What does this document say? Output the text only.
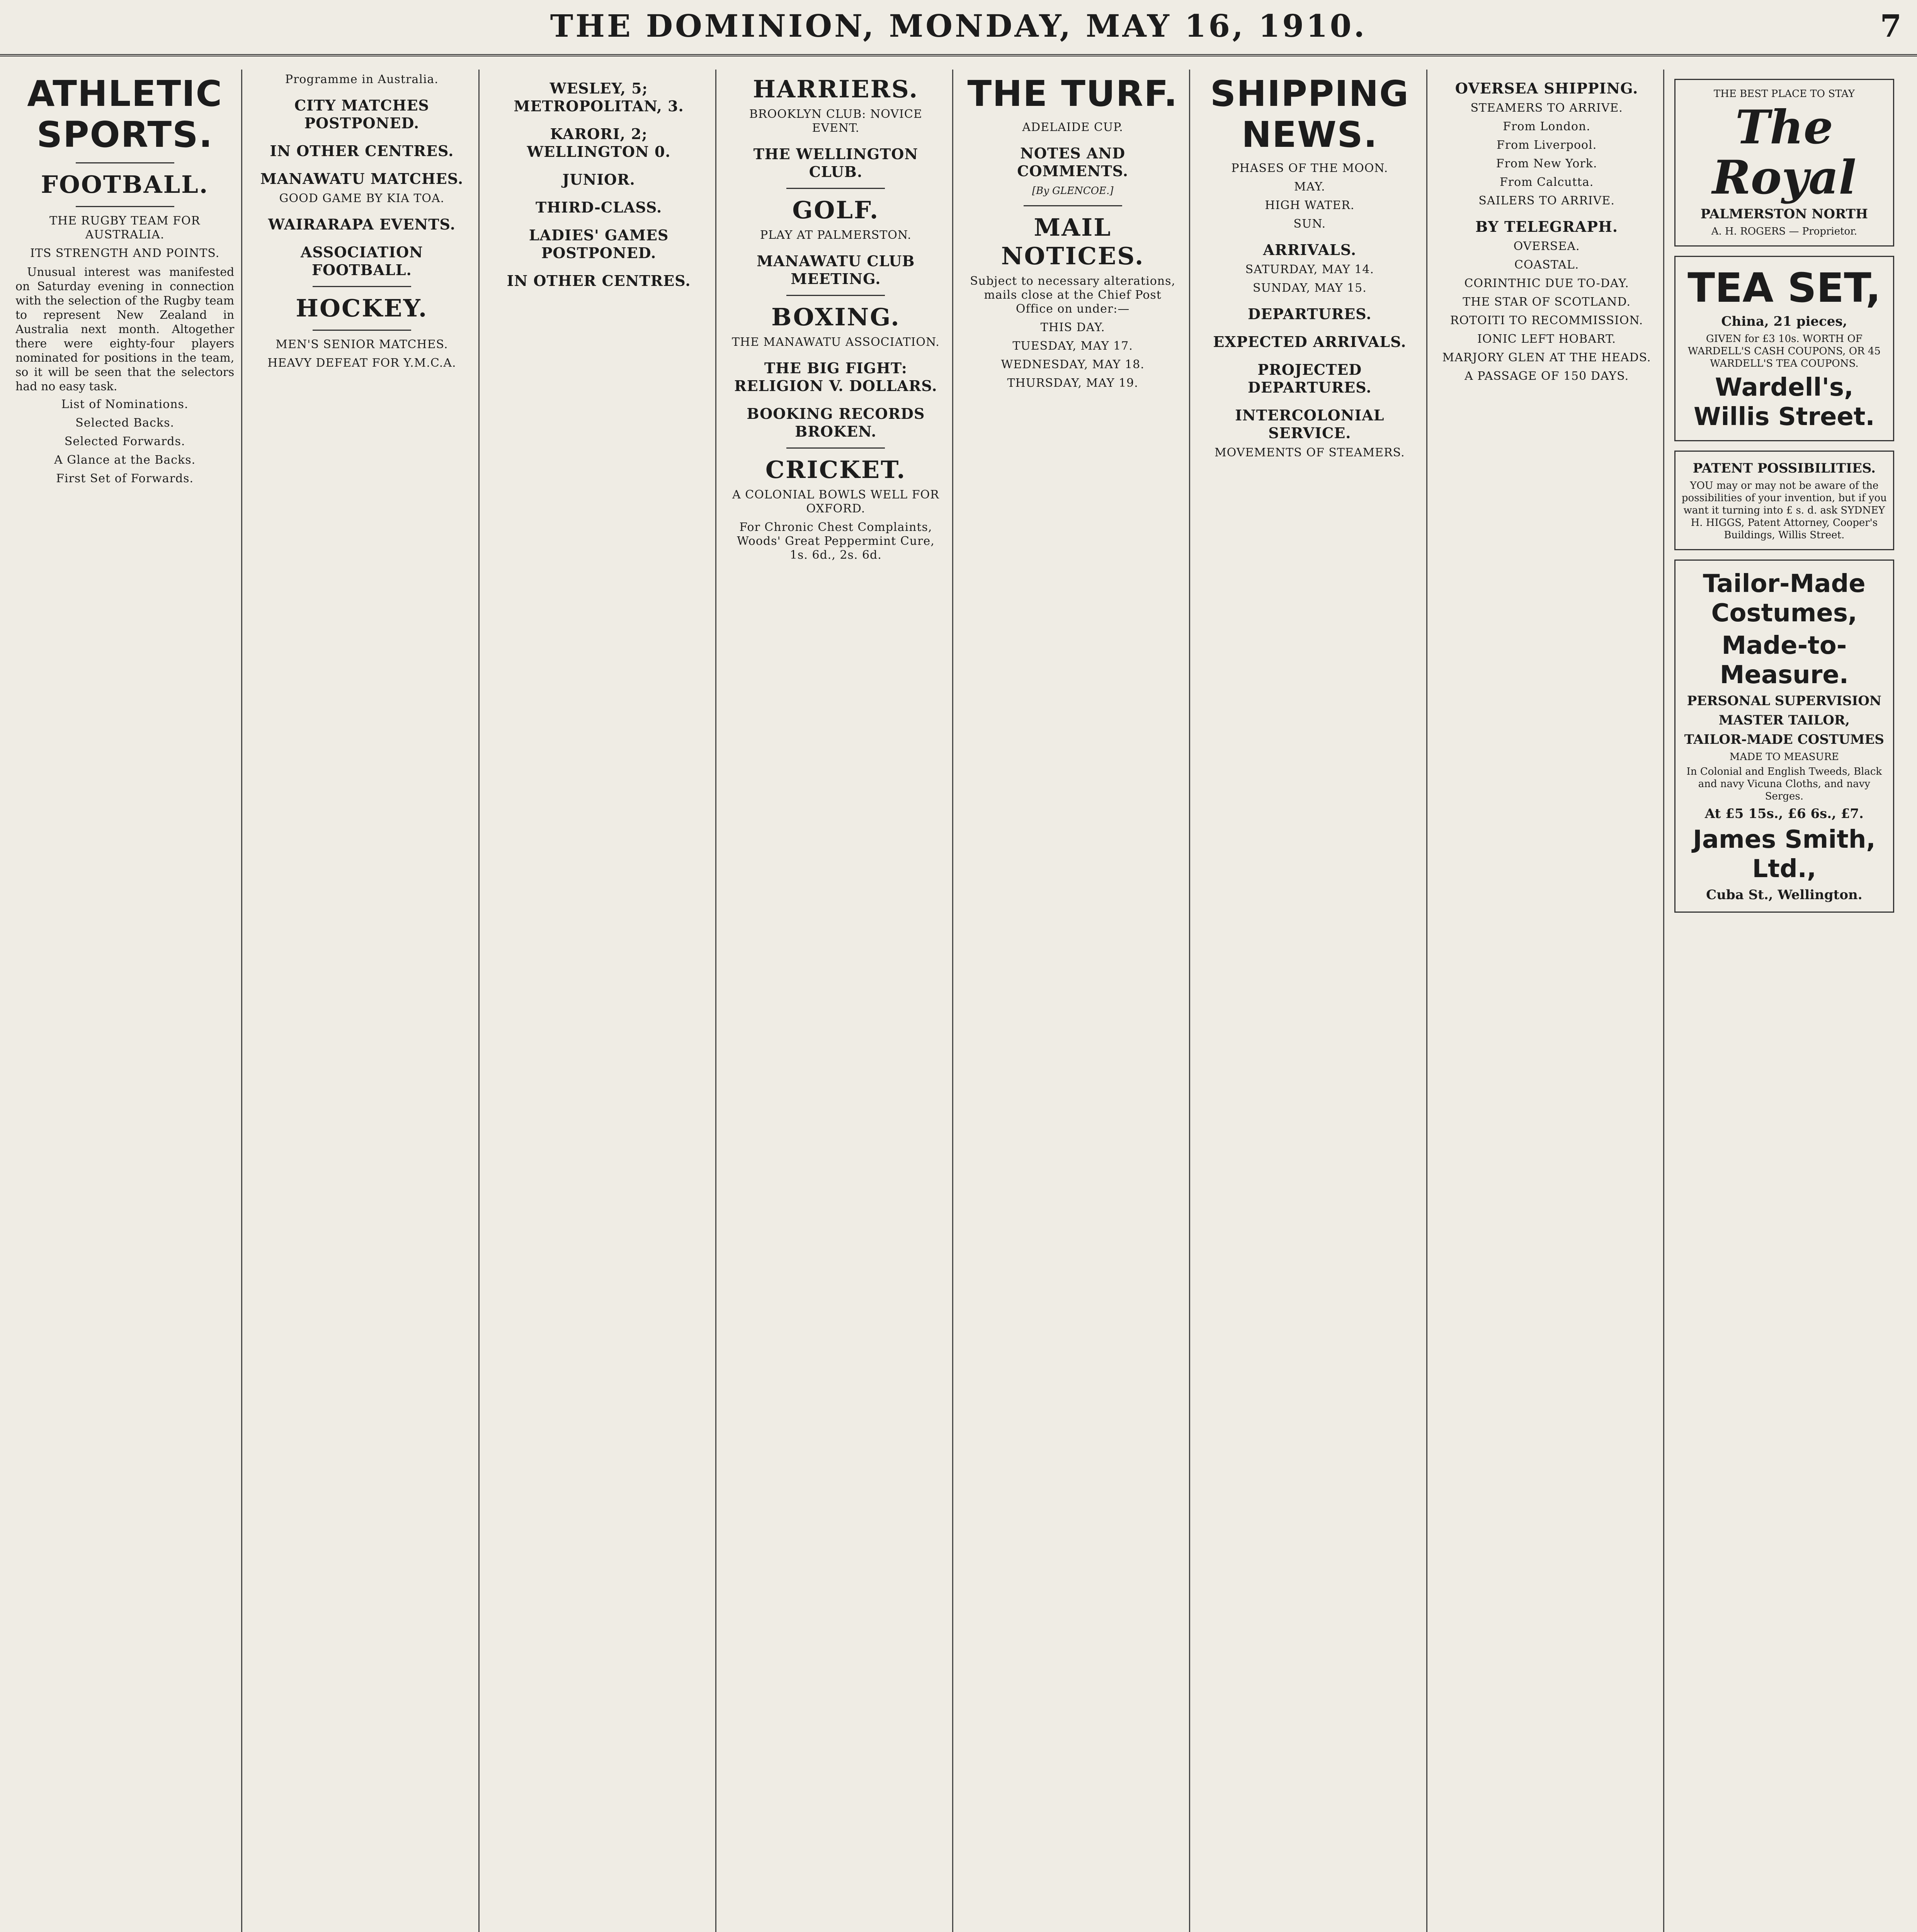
THE DOMINION, MONDAY, MAY 16, 1910.	7
ATHLETIC SPORTS.
FOOTBALL.
THE RUGBY TEAM FOR AUSTRALIA.
ITS STRENGTH AND POINTS.

Unusual interest was manifested on Saturday evening in connection with the selection of the Rugby team to represent New Zealand in Australia next month. Altogether there were eighty-four players nominated for positions in the team, so it will be seen that the selectors had no easy task.

List of Nominations.
Selected Backs.
Selected Forwards.
A Glance at the Backs.
First Set of Forwards.
Programme in Australia.
CITY MATCHES POSTPONED.
IN OTHER CENTRES.
MANAWATU MATCHES.
GOOD GAME BY KIA TOA.
WAIRARAPA EVENTS.
ASSOCIATION FOOTBALL.
HOCKEY.
MEN'S SENIOR MATCHES.
HEAVY DEFEAT FOR Y.M.C.A.
WESLEY, 5; METROPOLITAN, 3.
KARORI, 2; WELLINGTON 0.
JUNIOR.
THIRD-CLASS.
LADIES' GAMES POSTPONED.
IN OTHER CENTRES.
HARRIERS.
BROOKLYN CLUB: NOVICE EVENT.
THE WELLINGTON CLUB.
GOLF.
PLAY AT PALMERSTON.
MANAWATU CLUB MEETING.
BOXING.
THE MANAWATU ASSOCIATION.
THE BIG FIGHT: RELIGION V. DOLLARS.
BOOKING RECORDS BROKEN.
CRICKET.
A COLONIAL BOWLS WELL FOR OXFORD.
For Chronic Chest Complaints, Woods' Great Peppermint Cure, 1s. 6d., 2s. 6d.
THE TURF.
ADELAIDE CUP.
NOTES AND COMMENTS.
[By GLENCOE.]
MAIL NOTICES.
Subject to necessary alterations, mails close at the Chief Post Office on under:—
THIS DAY.
TUESDAY, MAY 17.
WEDNESDAY, MAY 18.
THURSDAY, MAY 19.
SHIPPING NEWS.
PHASES OF THE MOON.
MAY.
HIGH WATER.
SUN.
ARRIVALS.
SATURDAY, MAY 14.
SUNDAY, MAY 15.
DEPARTURES.
EXPECTED ARRIVALS.
PROJECTED DEPARTURES.
INTERCOLONIAL SERVICE.
MOVEMENTS OF STEAMERS.
OVERSEA SHIPPING.
STEAMERS TO ARRIVE.
From London.
From Liverpool.
From New York.
From Calcutta.
SAILERS TO ARRIVE.
BY TELEGRAPH.
OVERSEA.
COASTAL.
CORINTHIC DUE TO-DAY.
THE STAR OF SCOTLAND.
ROTOITI TO RECOMMISSION.
IONIC LEFT HOBART.
MARJORY GLEN AT THE HEADS.
A PASSAGE OF 150 DAYS.
THE BEST PLACE TO STAY
The Royal
PALMERSTON NORTH
A. H. ROGERS — Proprietor.
TEA SET,
China, 21 pieces,
GIVEN for £3 10s. WORTH OF WARDELL'S CASH COUPONS, OR 45 WARDELL'S TEA COUPONS.
Wardell's, Willis Street.
PATENT POSSIBILITIES.
YOU may or may not be aware of the possibilities of your invention, but if you want it turning into £ s. d. ask SYDNEY H. HIGGS, Patent Attorney, Cooper's Buildings, Willis Street.
Tailor-Made Costumes,
Made-to-Measure.
PERSONAL SUPERVISION
MASTER TAILOR,
TAILOR-MADE COSTUMES
MADE TO MEASURE
In Colonial and English Tweeds, Black and navy Vicuna Cloths, and navy Serges.
At £5 15s., £6 6s., £7.
James Smith, Ltd.,
Cuba St., Wellington.
